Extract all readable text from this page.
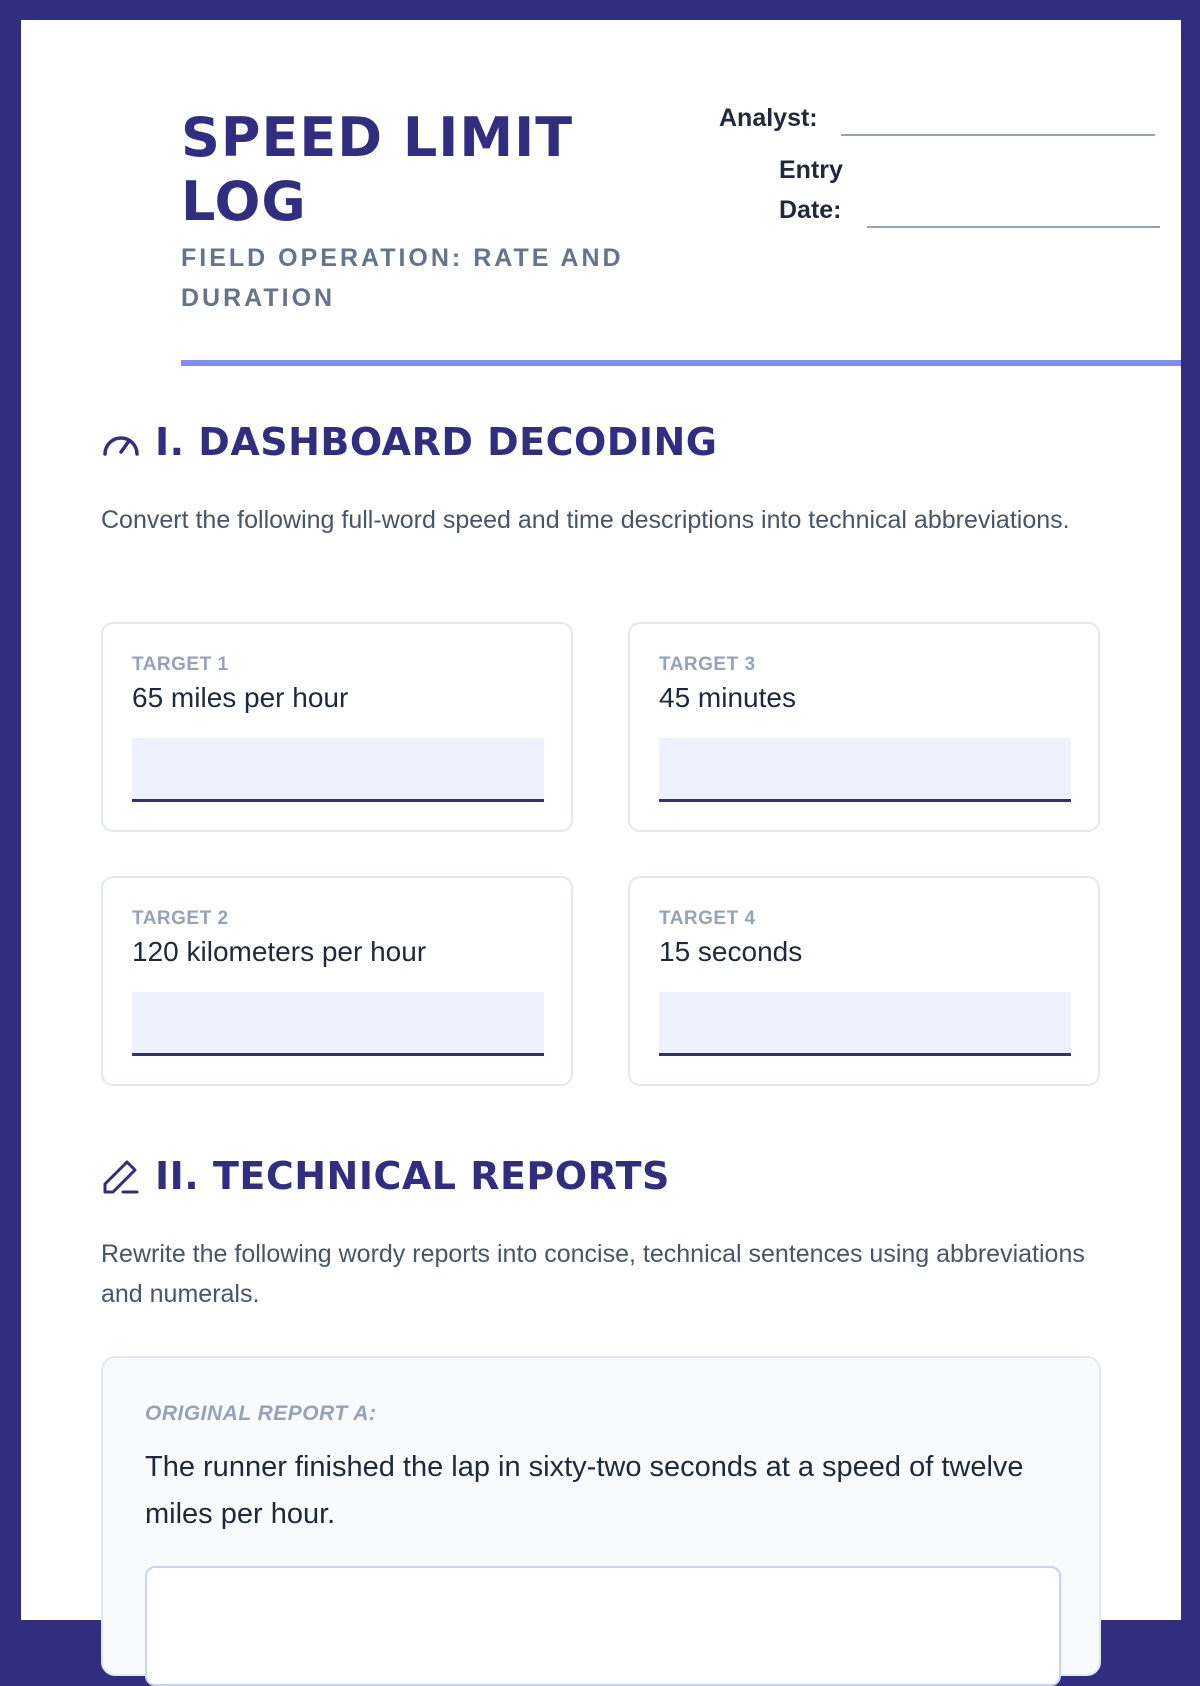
SPEED LIMIT LOG

FIELD OPERATION: RATE AND DURATION

Analyst:
Entry
Date:
I. DASHBOARD DECODING

Convert the following full-word speed and time descriptions into technical abbreviations.

TARGET 1
65 miles per hour
TARGET 3
45 minutes
TARGET 2
120 kilometers per hour
TARGET 4
15 seconds
II. TECHNICAL REPORTS

Rewrite the following wordy reports into concise, technical sentences using abbreviations and numerals.

ORIGINAL REPORT A:

The runner finished the lap in sixty-two seconds at a speed of twelve miles per hour.
